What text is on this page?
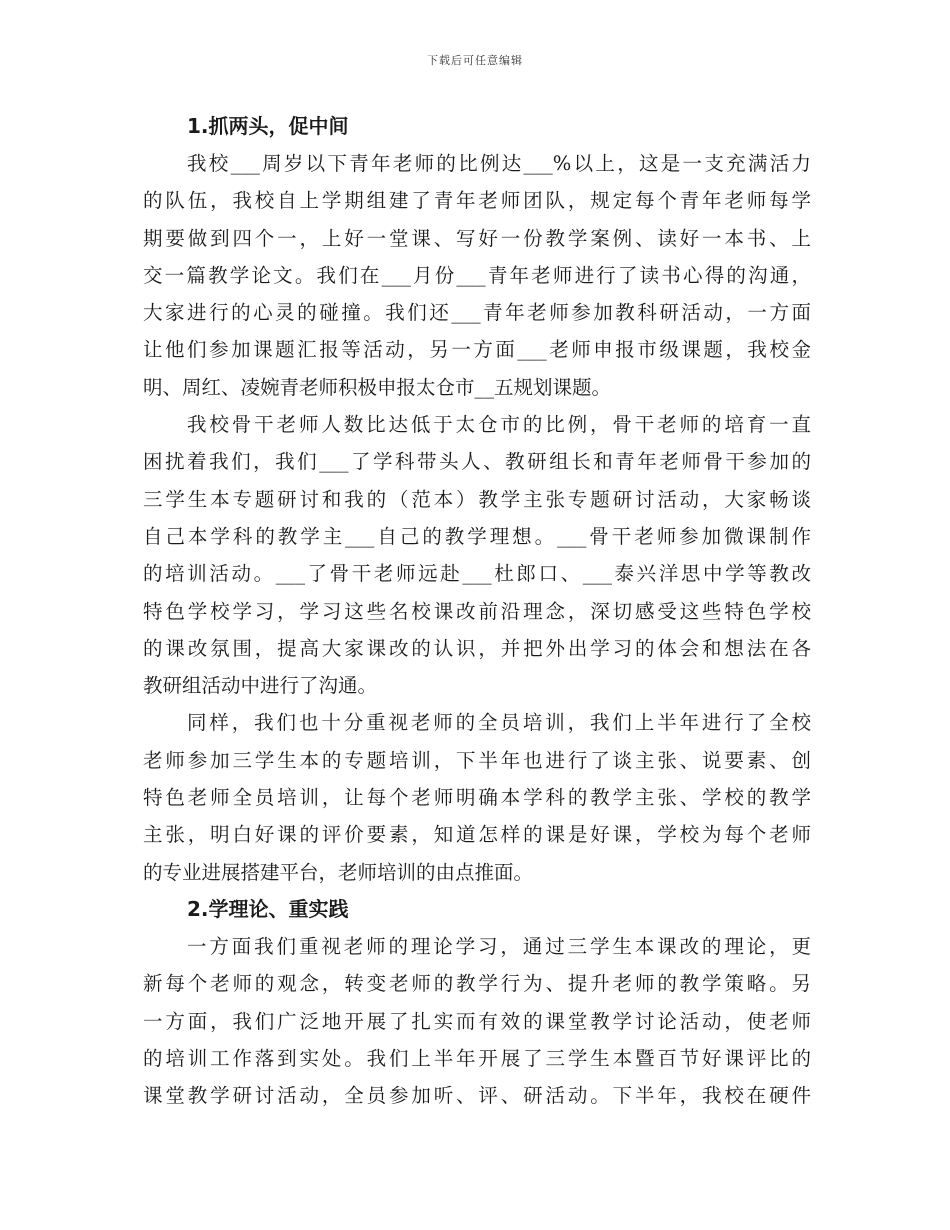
下载后可任意编辑
1.抓两头，促中间
我校___周岁以下青年老师的比例达___%以上，这是一支充满活力
的队伍，我校自上学期组建了青年老师团队，规定每个青年老师每学
期要做到四个一，上好一堂课、写好一份教学案例、读好一本书、上
交一篇教学论文。我们在___月份___青年老师进行了读书心得的沟通，
大家进行的心灵的碰撞。我们还___青年老师参加教科研活动，一方面
让他们参加课题汇报等活动，另一方面___老师申报市级课题，我校金
明、周红、凌婉青老师积极申报太仓市__五规划课题。
我校骨干老师人数比达低于太仓市的比例，骨干老师的培育一直
困扰着我们，我们___了学科带头人、教研组长和青年老师骨干参加的
三学生本专题研讨和我的（范本）教学主张专题研讨活动，大家畅谈
自己本学科的教学主___自己的教学理想。___骨干老师参加微课制作
的培训活动。___了骨干老师远赴___杜郎口、___泰兴洋思中学等教改
特色学校学习，学习这些名校课改前沿理念，深切感受这些特色学校
的课改氛围，提高大家课改的认识，并把外出学习的体会和想法在各
教研组活动中进行了沟通。
同样，我们也十分重视老师的全员培训，我们上半年进行了全校
老师参加三学生本的专题培训，下半年也进行了谈主张、说要素、创
特色老师全员培训，让每个老师明确本学科的教学主张、学校的教学
主张，明白好课的评价要素，知道怎样的课是好课，学校为每个老师
的专业进展搭建平台，老师培训的由点推面。
2.学理论、重实践
一方面我们重视老师的理论学习，通过三学生本课改的理论，更
新每个老师的观念，转变老师的教学行为、提升老师的教学策略。另
一方面，我们广泛地开展了扎实而有效的课堂教学讨论活动，使老师
的培训工作落到实处。我们上半年开展了三学生本暨百节好课评比的
课堂教学研讨活动，全员参加听、评、研活动。下半年，我校在硬件
